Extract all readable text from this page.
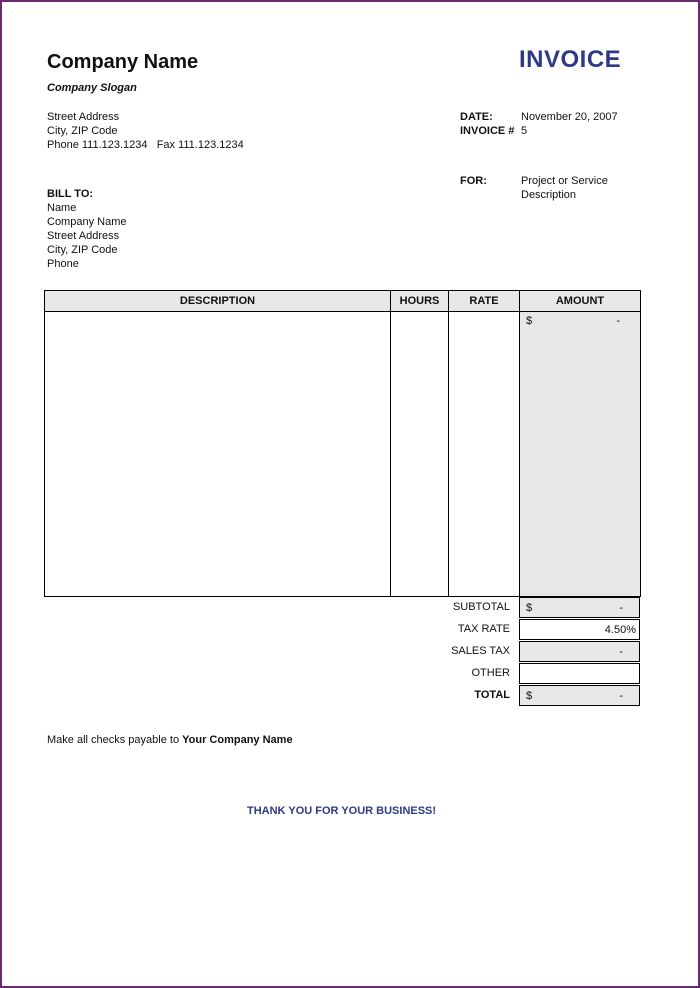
Company Name
Company Slogan
INVOICE
Street Address
City, ZIP Code
Phone 111.123.1234   Fax 111.123.1234
DATE:	November 20, 2007
INVOICE # 5
FOR:	Project or Service
Description
BILL TO:
Name
Company Name
Street Address
City, ZIP Code
Phone
DESCRIPTION	HOURS	RATE	AMOUNT

			$ -
SUBTOTAL $	-
TAX RATE	4.50%
SALES TAX	-
OTHER
TOTAL $	-
Make all checks payable to Your Company Name
THANK YOU FOR YOUR BUSINESS!
